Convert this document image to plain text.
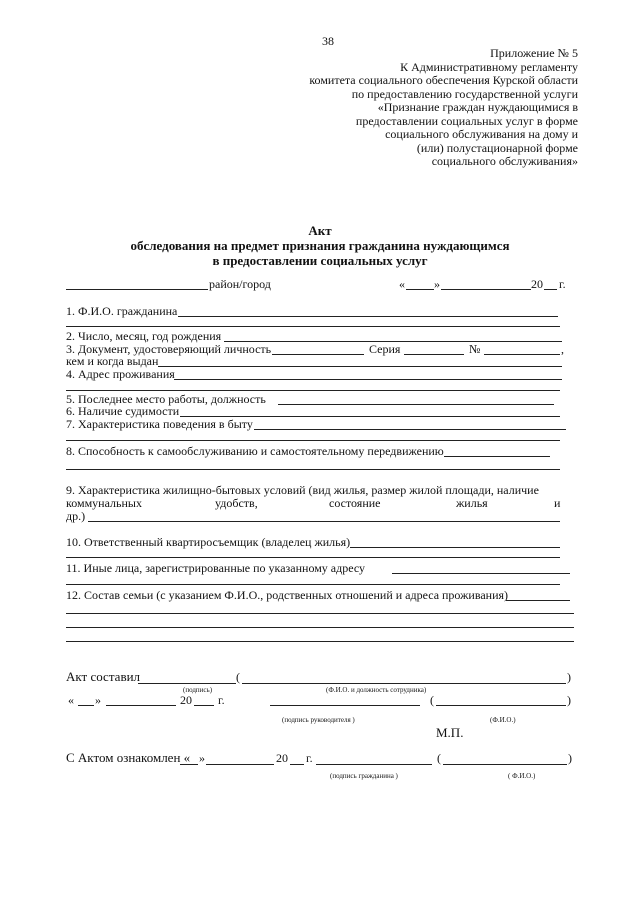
38
Приложение № 5
К Административному регламенту
комитета социального обеспечения Курской области
по предоставлению государственной услуги
«Признание граждан нуждающимися в
предоставлении социальных услуг в форме
социального обслуживания на дому и
(или) полустационарной форме
социального обслуживания»
Акт
обследования на предмет признания гражданина нуждающимся
в предоставлении социальных услуг
район/город	« »	20 г.
1. Ф.И.О. гражданина
2. Число, месяц, год рождения
3. Документ, удостоверяющий личность	Серия	№	,
кем и когда выдан
4. Адрес проживания
5. Последнее место работы, должность
6. Наличие судимости
7. Характеристика поведения в быту
8. Способность к самообслуживанию и самостоятельному передвижению
9. Характеристика жилищно-бытовых условий (вид жилья, размер жилой площади, наличие
коммунальных	удобств,	состояние	жилья	и
др.)
10. Ответственный квартиросъемщик (владелец жилья)
11. Иные лица, зарегистрированные по указанному адресу
12. Состав семьи (с указанием Ф.И.О., родственных отношений и адреса проживания)
Акт составил	(	)
(подпись)	(Ф.И.О. и должность сотрудника)
« »	20 г.	(	)
(подпись руководителя )	(Ф.И.О.)
М.П.
С Актом ознакомлен « »	20 г.	(	)
(подпись гражданина )	( Ф.И.О.)
